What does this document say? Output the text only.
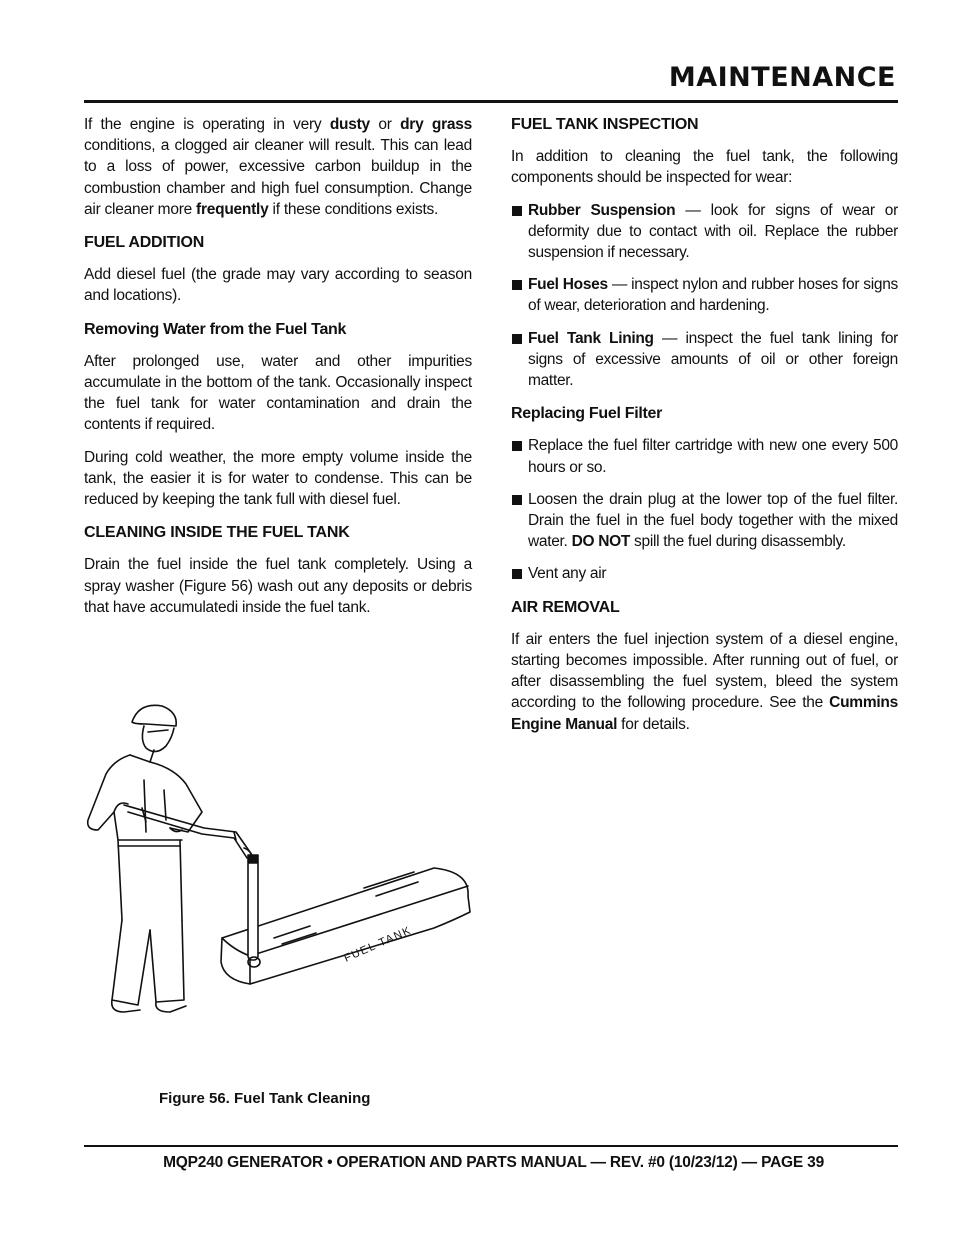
MAINTENANCE

If the engine is operating in very dusty or dry grass conditions, a clogged air cleaner will result. This can lead to a loss of power, excessive carbon buildup in the combustion chamber and high fuel consumption. Change air cleaner more frequently if these conditions exists.

FUEL ADDITION

Add diesel fuel (the grade may vary according to season and locations).

Removing Water from the Fuel Tank

After prolonged use, water and other impurities accumulate in the bottom of the tank. Occasionally inspect the fuel tank for water contamination and drain the contents if required.

During cold weather, the more empty volume inside the tank, the easier it is for water to condense. This can be reduced by keeping the tank full with diesel fuel.

CLEANING INSIDE THE FUEL TANK

Drain the fuel inside the fuel tank completely. Using a spray washer (Figure 56) wash out any deposits or debris that have accumulatedi inside the fuel tank.

FUEL TANK INSPECTION

In addition to cleaning the fuel tank, the following components should be inspected for wear:

Rubber Suspension — look for signs of wear or deformity due to contact with oil. Replace the rubber suspension if necessary.
Fuel Hoses — inspect nylon and rubber hoses for signs of wear, deterioration and hardening.
Fuel Tank Lining — inspect the fuel tank lining for signs of excessive amounts of oil or other foreign matter.
Replacing Fuel Filter
Replace the fuel filter cartridge with new one every 500 hours or so.
Loosen the drain plug at the lower top of the fuel filter. Drain the fuel in the fuel body together with the mixed water. DO NOT spill the fuel during disassembly.
Vent any air
AIR REMOVAL

If air enters the fuel injection system of a diesel engine, starting becomes impossible. After running out of fuel, or after disassembling the fuel system, bleed the system according to the following procedure. See the Cummins Engine Manual for details.

FUEL TANK
Figure 56. Fuel Tank Cleaning
MQP240 GENERATOR • OPERATION AND PARTS MANUAL — REV. #0 (10/23/12) — PAGE 39
